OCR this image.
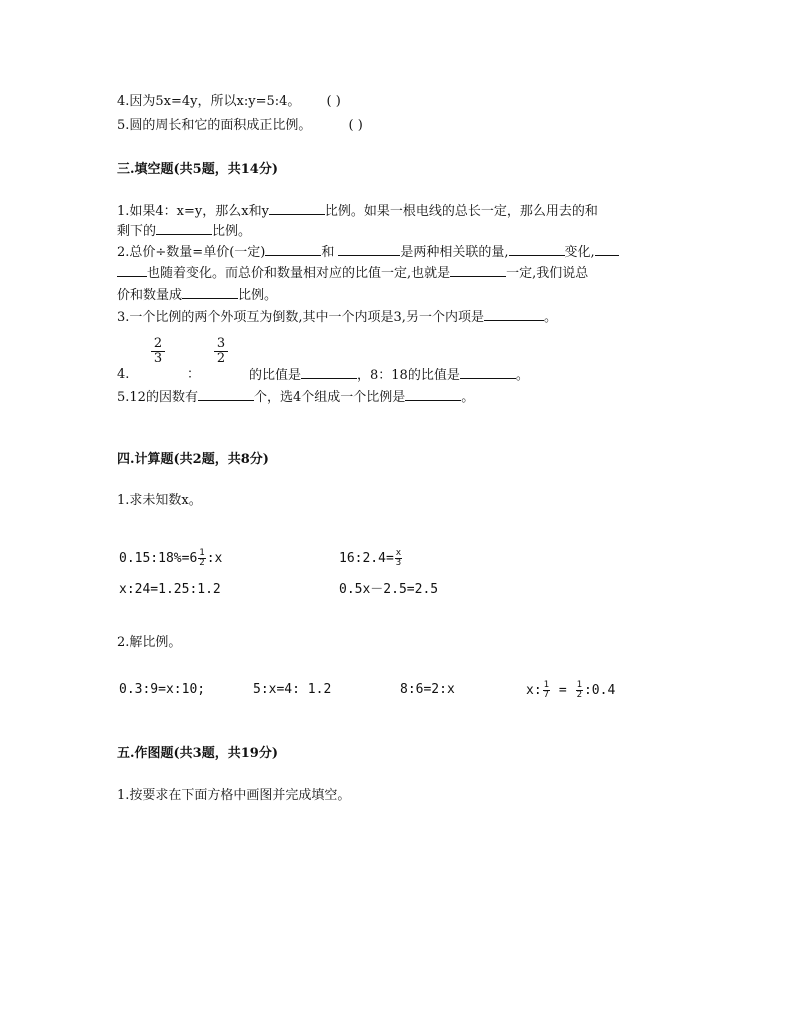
4.因为5x=4y，所以x:y=5:4。 ( )
5.圆的周长和它的面积成正比例。	( )
三.填空题(共5题，共14分)
1.如果4：x=y，那么x和y	比例。如果一根电线的总长一定，那么用去的和
剩下的	比例。
2.总价÷数量=单价(一定)	和	是两种相关联的量,	变化,
也随着变化。而总价和数量相对应的比值一定,也就是	一定,我们说总
价和数量成	比例。
3.一个比例的两个外项互为倒数,其中一个内项是3,另一个内项是	。
$\frac{2}{3}$	$\frac{3}{2}$
4.	：	的比值是	，8：18的比值是	。
5.12的因数有	个，选4个组成一个比例是	。
四.计算题(共2题，共8分)
1.求未知数x。
0.15:18%=6 $\frac{1}{2}$ :x	16:2.4= $\frac{x}{3}$
x:24=1.25:1.2	0.5x－2.5=2.5
2.解比例。
0.3:9=x:10;	5:x=4: 1.2	8:6=2:x	x: $\frac{1}{7} = \frac{1}{2}$ :0.4
五.作图题(共3题，共19分)
1.按要求在下面方格中画图并完成填空。
